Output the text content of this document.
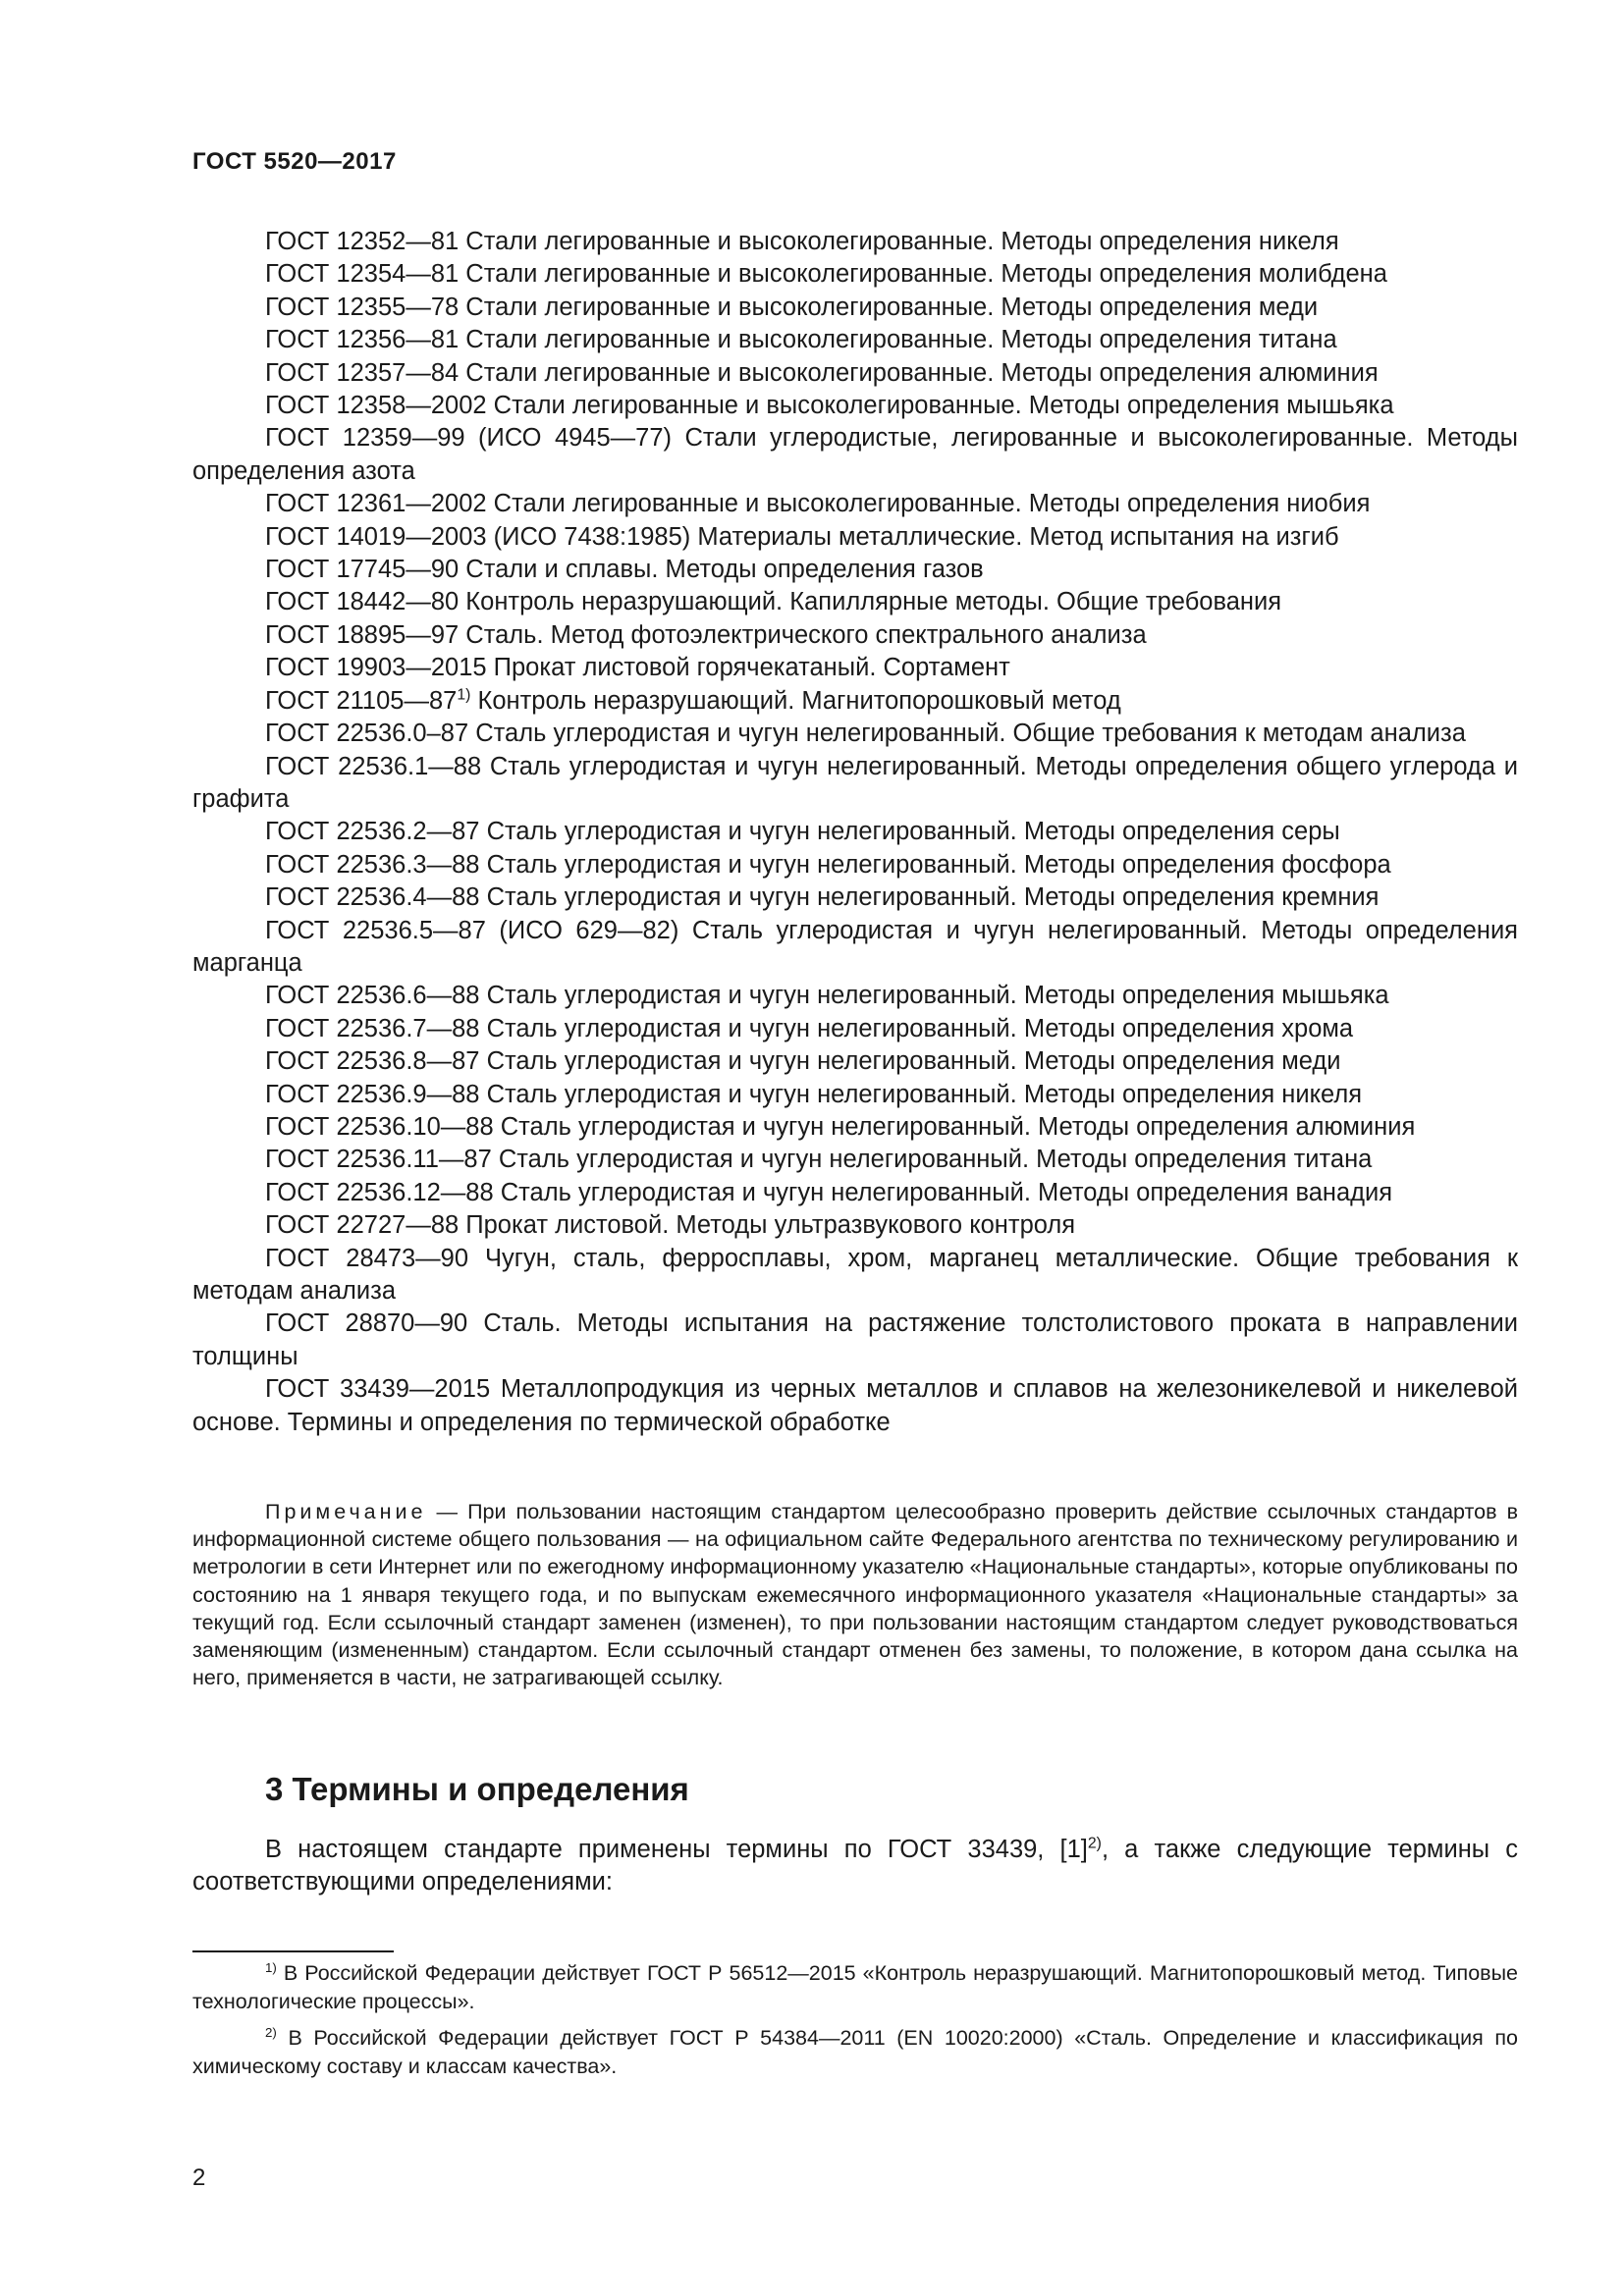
ГОСТ 5520—2017

ГОСТ 12352—81 Стали легированные и высоколегированные. Методы определения никеля

ГОСТ 12354—81 Стали легированные и высоколегированные. Методы определения молибдена

ГОСТ 12355—78 Стали легированные и высоколегированные. Методы определения меди

ГОСТ 12356—81 Стали легированные и высоколегированные. Методы определения титана

ГОСТ 12357—84 Стали легированные и высоколегированные. Методы определения алюминия

ГОСТ 12358—2002 Стали легированные и высоколегированные. Методы определения мышьяка

ГОСТ 12359—99 (ИСО 4945—77) Стали углеродистые, легированные и высоколегированные. Методы определения азота

ГОСТ 12361—2002 Стали легированные и высоколегированные. Методы определения ниобия

ГОСТ 14019—2003 (ИСО 7438:1985) Материалы металлические. Метод испытания на изгиб

ГОСТ 17745—90 Стали и сплавы. Методы определения газов

ГОСТ 18442—80 Контроль неразрушающий. Капиллярные методы. Общие требования

ГОСТ 18895—97 Сталь. Метод фотоэлектрического спектрального анализа

ГОСТ 19903—2015 Прокат листовой горячекатаный. Сортамент

ГОСТ 21105—87$^{1)}$ Контроль неразрушающий. Магнитопорошковый метод

ГОСТ 22536.0–87 Сталь углеродистая и чугун нелегированный. Общие требования к методам анализа

ГОСТ 22536.1—88 Сталь углеродистая и чугун нелегированный. Методы определения общего углерода и графита

ГОСТ 22536.2—87 Сталь углеродистая и чугун нелегированный. Методы определения серы

ГОСТ 22536.3—88 Сталь углеродистая и чугун нелегированный. Методы определения фосфора

ГОСТ 22536.4—88 Сталь углеродистая и чугун нелегированный. Методы определения кремния

ГОСТ 22536.5—87 (ИСО 629—82) Сталь углеродистая и чугун нелегированный. Методы определения марганца

ГОСТ 22536.6—88 Сталь углеродистая и чугун нелегированный. Методы определения мышьяка

ГОСТ 22536.7—88 Сталь углеродистая и чугун нелегированный. Методы определения хрома

ГОСТ 22536.8—87 Сталь углеродистая и чугун нелегированный. Методы определения меди

ГОСТ 22536.9—88 Сталь углеродистая и чугун нелегированный. Методы определения никеля

ГОСТ 22536.10—88 Сталь углеродистая и чугун нелегированный. Методы определения алюминия

ГОСТ 22536.11—87 Сталь углеродистая и чугун нелегированный. Методы определения титана

ГОСТ 22536.12—88 Сталь углеродистая и чугун нелегированный. Методы определения ванадия

ГОСТ 22727—88 Прокат листовой. Методы ультразвукового контроля

ГОСТ 28473—90 Чугун, сталь, ферросплавы, хром, марганец металлические. Общие требования к методам анализа

ГОСТ 28870—90 Сталь. Методы испытания на растяжение толстолистового проката в направлении толщины

ГОСТ 33439—2015 Металлопродукция из черных металлов и сплавов на железоникелевой и никелевой основе. Термины и определения по термической обработке

Примечание — При пользовании настоящим стандартом целесообразно проверить действие ссылочных стандартов в информационной системе общего пользования — на официальном сайте Федерального агентства по техническому регулированию и метрологии в сети Интернет или по ежегодному информационному указателю «Национальные стандарты», которые опубликованы по состоянию на 1 января текущего года, и по выпускам ежемесячного информационного указателя «Национальные стандарты» за текущий год. Если ссылочный стандарт заменен (изменен), то при пользовании настоящим стандартом следует руководствоваться заменяющим (измененным) стандартом. Если ссылочный стандарт отменен без замены, то положение, в котором дана ссылка на него, применяется в части, не затрагивающей ссылку.

3 Термины и определения

В настоящем стандарте применены термины по ГОСТ 33439, $[1]^{2)}$, а также следующие термины с соответствующими определениями:

$^{1)}$ В Российской Федерации действует ГОСТ Р 56512—2015 «Контроль неразрушающий. Магнитопорошковый метод. Типовые технологические процессы».

$^{2)}$ В Российской Федерации действует ГОСТ Р 54384—2011 (EN 10020:2000) «Сталь. Определение и классификация по химическому составу и классам качества».

2
